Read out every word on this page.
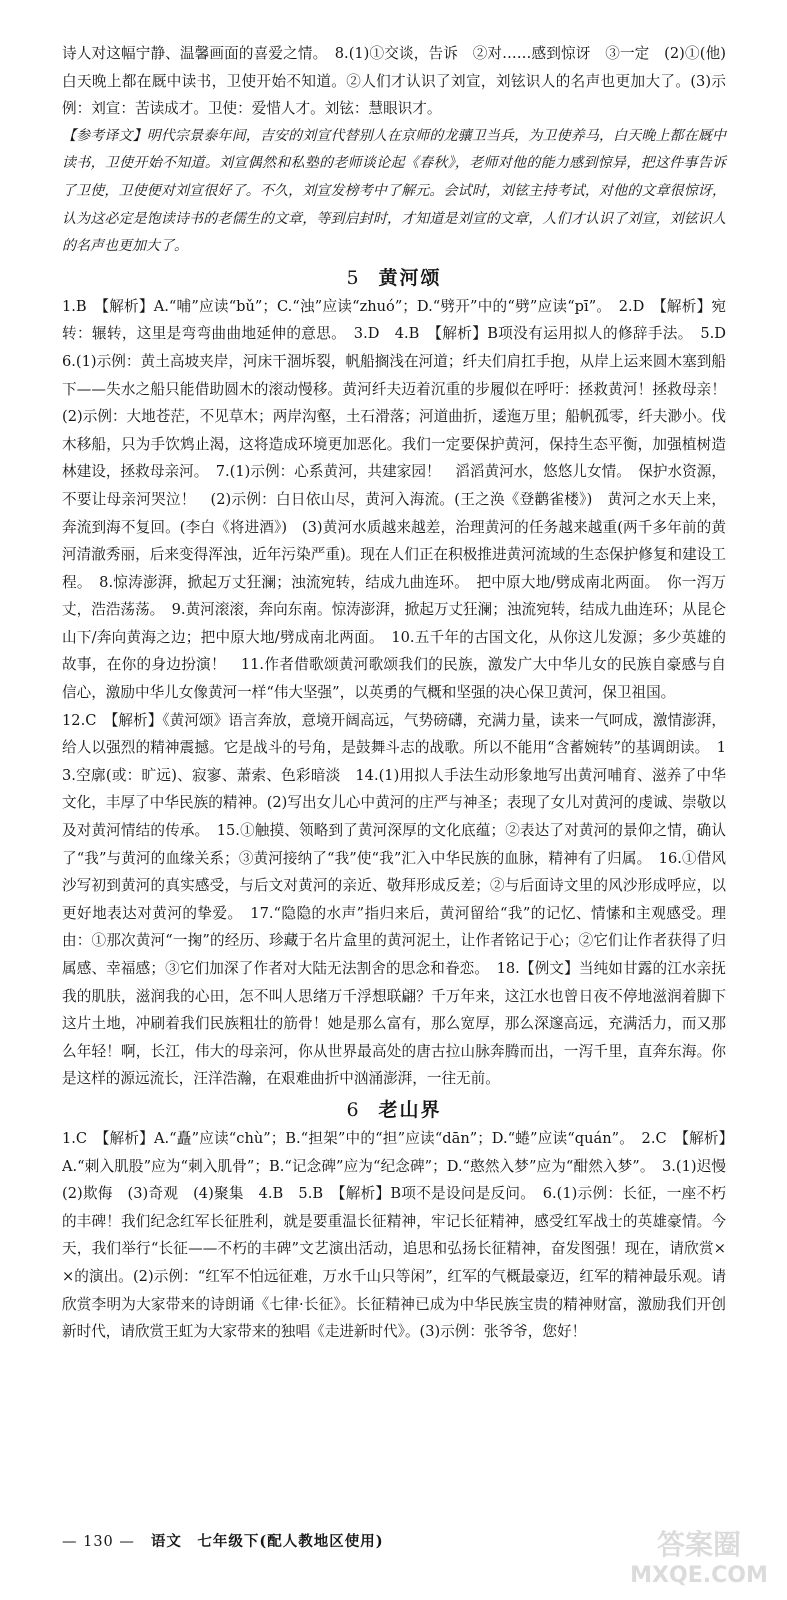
诗人对这幅宁静、温馨画面的喜爱之情。　8.(1)①交谈，告诉　②对……感到惊讶　③一定　(2)①(他)白天晚上都在厩中读书，卫使开始不知道。②人们才认识了刘宣，刘铉识人的名声也更加大了。(3)示例：刘宣：苦读成才。卫使：爱惜人才。刘铉：慧眼识才。

【参考译文】明代宗景泰年间，吉安的刘宣代替别人在京师的龙骧卫当兵，为卫使养马，白天晚上都在厩中读书，卫使开始不知道。刘宣偶然和私塾的老师谈论起《春秋》，老师对他的能力感到惊异，把这件事告诉了卫使，卫使便对刘宣很好了。不久，刘宣发榜考中了解元。会试时，刘铉主持考试，对他的文章很惊讶，认为这必定是饱读诗书的老儒生的文章，等到启封时，才知道是刘宣的文章，人们才认识了刘宣，刘铉识人的名声也更加大了。

5 黄河颂

1.B　【解析】A.“哺”应读“bǔ”；C.“浊”应读“zhuó”；D.“劈开”中的“劈”应读“pī”。　2.D　【解析】宛转：辗转，这里是弯弯曲曲地延伸的意思。　3.D　4.B　【解析】B项没有运用拟人的修辞手法。　5.D　6.(1)示例：黄土高坡夹岸，河床干涸坼裂，帆船搁浅在河道；纤夫们肩扛手抱，从岸上运来圆木塞到船下——失水之船只能借助圆木的滚动慢移。黄河纤夫迈着沉重的步履似在呼吁：拯救黄河！拯救母亲！(2)示例：大地苍茫，不见草木；两岸沟壑，土石滑落；河道曲折，逶迤万里；船帆孤零，纤夫渺小。伐木移船，只为手饮鸩止渴，这将造成环境更加恶化。我们一定要保护黄河，保持生态平衡，加强植树造林建设，拯救母亲河。　7.(1)示例：心系黄河，共建家园！　滔滔黄河水，悠悠儿女情。　保护水资源，不要让母亲河哭泣！　(2)示例：白日依山尽，黄河入海流。(王之涣《登鹳雀楼》)　黄河之水天上来，奔流到海不复回。(李白《将进酒》)　(3)黄河水质越来越差，治理黄河的任务越来越重(两千多年前的黄河清澈秀丽，后来变得浑浊，近年污染严重)。现在人们正在积极推进黄河流域的生态保护修复和建设工程。　8.惊涛澎湃，掀起万丈狂澜；浊流宛转，结成九曲连环。　把中原大地/劈成南北两面。　你一泻万丈，浩浩荡荡。　9.黄河滚滚，奔向东南。惊涛澎湃，掀起万丈狂澜；浊流宛转，结成九曲连环；从昆仑山下/奔向黄海之边；把中原大地/劈成南北两面。　10.五千年的古国文化，从你这儿发源；多少英雄的故事，在你的身边扮演！　11.作者借歌颂黄河歌颂我们的民族，激发广大中华儿女的民族自豪感与自信心，激励中华儿女像黄河一样“伟大坚强”，以英勇的气概和坚强的决心保卫黄河，保卫祖国。

12.C　【解析】《黄河颂》语言奔放，意境开阔高远，气势磅礴，充满力量，读来一气呵成，激情澎湃，给人以强烈的精神震撼。它是战斗的号角，是鼓舞斗志的战歌。所以不能用“含蓄婉转”的基调朗读。　13.空廓(或：旷远)、寂寥、萧索、色彩暗淡　14.(1)用拟人手法生动形象地写出黄河哺育、滋养了中华文化，丰厚了中华民族的精神。(2)写出女儿心中黄河的庄严与神圣；表现了女儿对黄河的虔诚、崇敬以及对黄河情结的传承。　15.①触摸、领略到了黄河深厚的文化底蕴；②表达了对黄河的景仰之情，确认了“我”与黄河的血缘关系；③黄河接纳了“我”使“我”汇入中华民族的血脉，精神有了归属。　16.①借风沙写初到黄河的真实感受，与后文对黄河的亲近、敬拜形成反差；②与后面诗文里的风沙形成呼应，以更好地表达对黄河的挚爱。　17.“隐隐的水声”指归来后，黄河留给“我”的记忆、情愫和主观感受。理由：①那次黄河“一掬”的经历、珍藏于名片盒里的黄河泥土，让作者铭记于心；②它们让作者获得了归属感、幸福感；③它们加深了作者对大陆无法割舍的思念和眷恋。　18.【例文】当纯如甘露的江水亲抚我的肌肤，滋润我的心田，怎不叫人思绪万千浮想联翩？千万年来，这江水也曾日夜不停地滋润着脚下这片土地，冲刷着我们民族粗壮的筋骨！她是那么富有，那么宽厚，那么深邃高远，充满活力，而又那么年轻！啊，长江，伟大的母亲河，你从世界最高处的唐古拉山脉奔腾而出，一泻千里，直奔东海。你是这样的源远流长，汪洋浩瀚，在艰难曲折中汹涌澎湃，一往无前。

6 老山界

1.C　【解析】A.“矗”应读“chù”；B.“担架”中的“担”应读“dān”；D.“蜷”应读“quán”。　2.C　【解析】A.“刺入肌股”应为“刺入肌骨”；B.“记念碑”应为“纪念碑”；D.“憨然入梦”应为“酣然入梦”。　3.(1)迟慢　(2)欺侮　(3)奇观　(4)聚集　4.B　5.B　【解析】B项不是设问是反问。　6.(1)示例：长征，一座不朽的丰碑！我们纪念红军长征胜利，就是要重温长征精神，牢记长征精神，感受红军战士的英雄豪情。今天，我们举行“长征——不朽的丰碑”文艺演出活动，追思和弘扬长征精神，奋发图强！现在，请欣赏××的演出。(2)示例：“红军不怕远征难，万水千山只等闲”，红军的气概最豪迈，红军的精神最乐观。请欣赏李明为大家带来的诗朗诵《七律·长征》。长征精神已成为中华民族宝贵的精神财富，激励我们开创新时代，请欣赏王虹为大家带来的独唱《走进新时代》。(3)示例：张爷爷，您好！

— 130 — 语文　七年级下(配人教地区使用)	答案圈
MXQE.COM
